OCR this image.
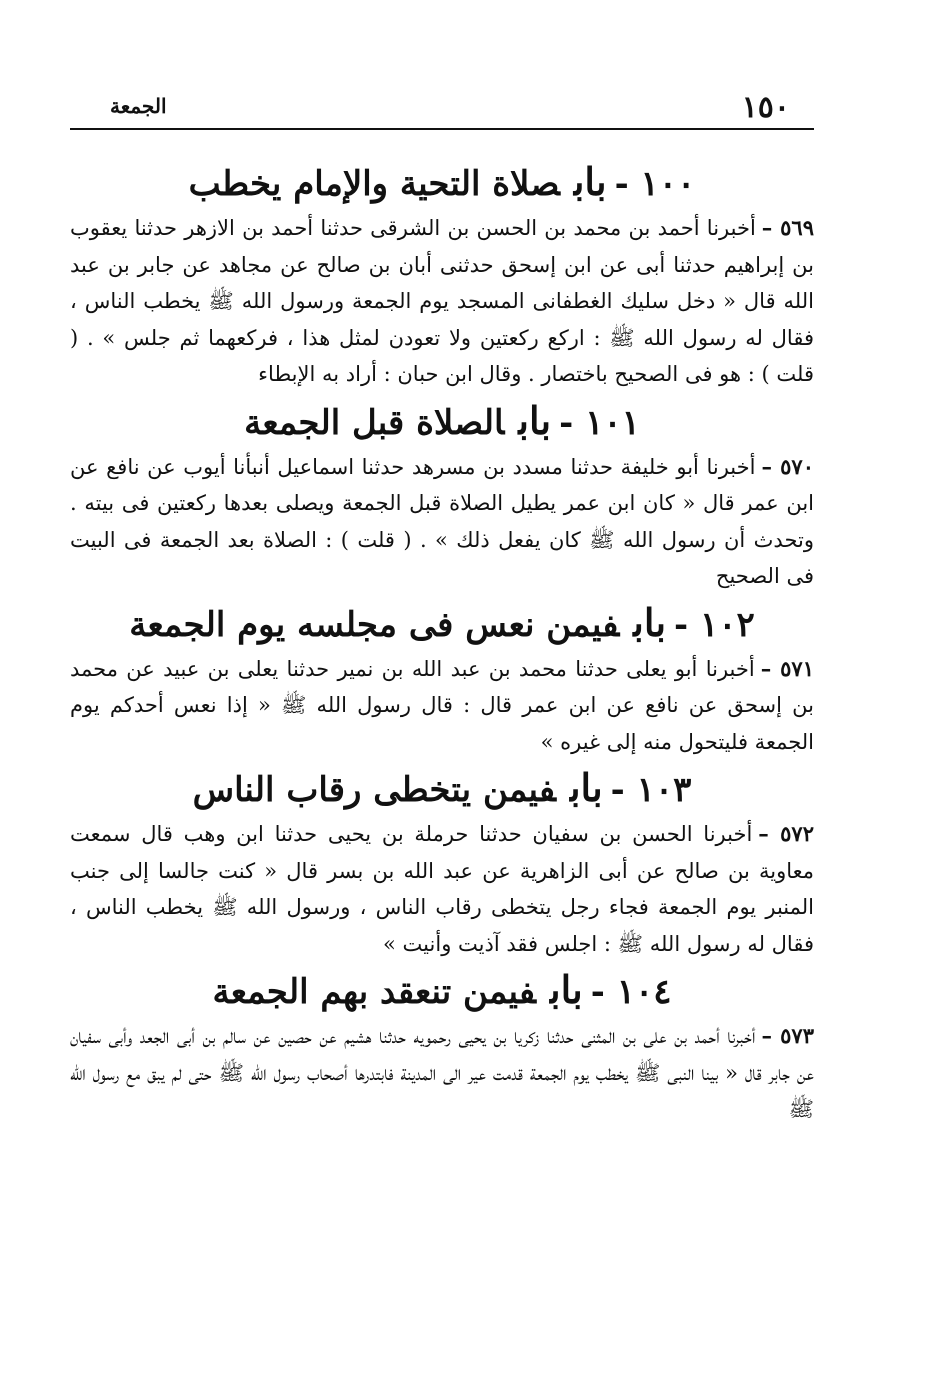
١٥٠
الجمعة
١٠٠ -بابصلاة التحية والإمام يخطب
٥٦٩ –أخبرنا أحمد بن محمد بن الحسن بن الشرقى حدثنا أحمد بن الازهر حدثنا يعقوب بن إبراهيم حدثنا أبى عن ابن إسحق حدثنى أبان بن صالح عن مجاهد عن جابر بن عبد الله قال « دخل سليك الغطفانى المسجد يوم الجمعة ورسول الله ﷺ يخطب الناس ، فقال له رسول الله ﷺ : اركع ركعتين ولا تعودن لمثل هذا ، فركعهما ثم جلس » . ( قلت ) : هو فى الصحيح باختصار . وقال ابن حبان : أراد به الإبطاء
١٠١ -بابالصلاة قبل الجمعة
٥٧٠ –أخبرنا أبو خليفة حدثنا مسدد بن مسرهد حدثنا اسماعيل أنبأنا أيوب عن نافع عن ابن عمر قال « كان ابن عمر يطيل الصلاة قبل الجمعة ويصلى بعدها ركعتين فى بيته . وتحدث أن رسول الله ﷺ كان يفعل ذلك » . ( قلت ) : الصلاة بعد الجمعة فى البيت فى الصحيح
١٠٢ -بابفيمن نعس فى مجلسه يوم الجمعة
٥٧١ –أخبرنا أبو يعلى حدثنا محمد بن عبد الله بن نمير حدثنا يعلى بن عبيد عن محمد بن إسحق عن نافع عن ابن عمر قال : قال رسول الله ﷺ « إذا نعس أحدكم يوم الجمعة فليتحول منه إلى غيره »
١٠٣ -بابفيمن يتخطى رقاب الناس
٥٧٢ –أخبرنا الحسن بن سفيان حدثنا حرملة بن يحيى حدثنا ابن وهب قال سمعت معاوية بن صالح عن أبى الزاهرية عن عبد الله بن بسر قال « كنت جالسا إلى جنب المنبر يوم الجمعة فجاء رجل يتخطى رقاب الناس ، ورسول الله ﷺ يخطب الناس ، فقال له رسول الله ﷺ : اجلس فقد آذيت وأنيت »
١٠٤ -بابفيمن تنعقد بهم الجمعة
٥٧٣ –أخبرنا أحمد بن على بن المثنى حدثنا زكريا بن يحيى رحمويه حدثنا هشيم عن حصين عن سالم بن أبى الجعد وأبى سفيان عن جابر قال « بينا النبى ﷺ يخطب يوم الجمعة قدمت عير الى المدينة فابتدرها أصحاب رسول الله ﷺ حتى لم يبق مع رسول الله ﷺ
